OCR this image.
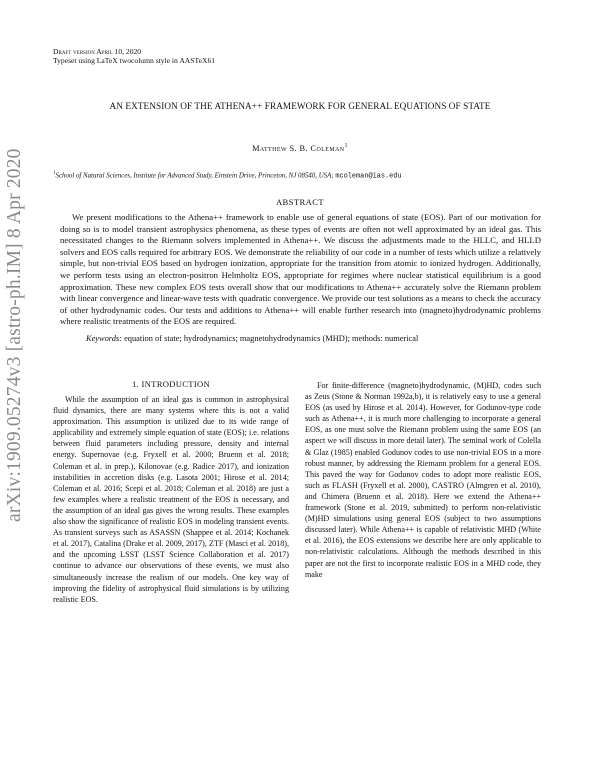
Draft version April 10, 2020
Typeset using LaTeX twocolumn style in AASTeX61
arXiv:1909.05274v3 [astro-ph.IM] 8 Apr 2020
AN EXTENSION OF THE ATHENA++ FRAMEWORK FOR GENERAL EQUATIONS OF STATE
Matthew S. B. Coleman$^1$
$^1$School of Natural Sciences, Institute for Advanced Study, Einstein Drive, Princeton, NJ 08540, USA; mcoleman@ias.edu
ABSTRACT

We present modifications to the Athena++ framework to enable use of general equations of state (EOS). Part of our motivation for doing so is to model transient astrophysics phenomena, as these types of events are often not well approximated by an ideal gas. This necessitated changes to the Riemann solvers implemented in Athena++. We discuss the adjustments made to the HLLC, and HLLD solvers and EOS calls required for arbitrary EOS. We demonstrate the reliability of our code in a number of tests which utilize a relatively simple, but non-trivial EOS based on hydrogen ionization, appropriate for the transition from atomic to ionized hydrogen. Additionally, we perform tests using an electron-positron Helmholtz EOS, appropriate for regimes where nuclear statistical equilibrium is a good approximation. These new complex EOS tests overall show that our modifications to Athena++ accurately solve the Riemann problem with linear convergence and linear-wave tests with quadratic convergence. We provide our test solutions as a means to check the accuracy of other hydrodynamic codes. Our tests and additions to Athena++ will enable further research into (magneto)hydrodynamic problems where realistic treatments of the EOS are required.

Keywords: equation of state; hydrodynamics; magnetohydrodynamics (MHD); methods: numerical
1. INTRODUCTION

While the assumption of an ideal gas is common in astrophysical fluid dynamics, there are many systems where this is not a valid approximation. This assumption is utilized due to its wide range of applicability and extremely simple equation of state (EOS); i.e. relations between fluid parameters including pressure, density and internal energy. Supernovae (e.g. Fryxell et al. 2000; Bruenn et al. 2018; Coleman et al. in prep.), Kilonovae (e.g. Radice 2017), and ionization instabilities in accretion disks (e.g. Lasota 2001; Hirose et al. 2014; Coleman et al. 2016; Scepi et al. 2018; Coleman et al. 2018) are just a few examples where a realistic treatment of the EOS is necessary, and the assumption of an ideal gas gives the wrong results. These examples also show the significance of realistic EOS in modeling transient events. As transient surveys such as ASASSN (Shappee et al. 2014; Kochanek et al. 2017), Catalina (Drake et al. 2009, 2017), ZTF (Masci et al. 2018), and the upcoming LSST (LSST Science Collaboration et al. 2017) continue to advance our observations of these events, we must also simultaneously increase the realism of our models. One key way of improving the fidelity of astrophysical fluid simulations is by utilizing realistic EOS.

For finite-difference (magneto)hydrodynamic, (M)HD, codes such as Zeus (Stone & Norman 1992a,b), it is relatively easy to use a general EOS (as used by Hirose et al. 2014). However, for Godunov-type code such as Athena++, it is much more challenging to incorporate a general EOS, as one must solve the Riemann problem using the same EOS (an aspect we will discuss in more detail later). The seminal work of Colella & Glaz (1985) enabled Godunov codes to use non-trivial EOS in a more robust manner, by addressing the Riemann problem for a general EOS. This paved the way for Godunov codes to adopt more realistic EOS, such as FLASH (Fryxell et al. 2000), CASTRO (Almgren et al. 2010), and Chimera (Bruenn et al. 2018). Here we extend the Athena++ framework (Stone et al. 2019, submitted) to perform non-relativistic (M)HD simulations using general EOS (subject to two assumptions discussed later). While Athena++ is capable of relativistic MHD (White et al. 2016), the EOS extensions we describe here are only applicable to non-relativistic calculations. Although the methods described in this paper are not the first to incorporate realistic EOS in a MHD code, they make
